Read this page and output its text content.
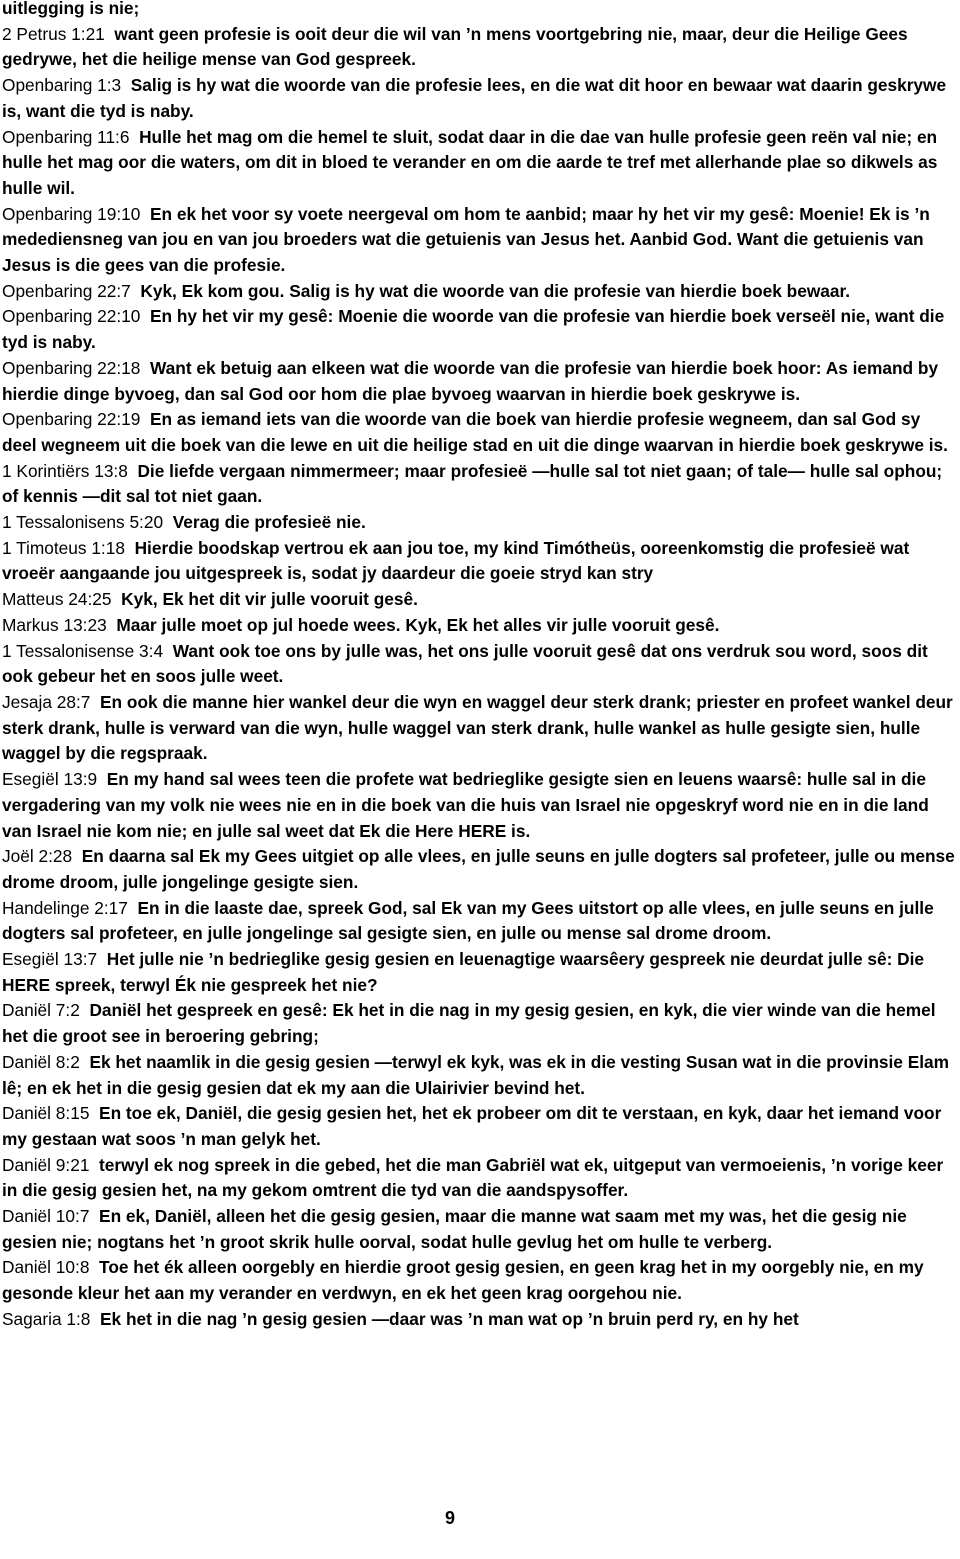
uitlegging is nie;

2 Petrus 1:21 want geen profesie is ooit deur die wil van ’n mens voortgebring nie, maar, deur die Heilige Gees gedrywe, het die heilige mense van God gespreek.

Openbaring 1:3 Salig is hy wat die woorde van die profesie lees, en die wat dit hoor en bewaar wat daarin geskrywe is, want die tyd is naby.

Openbaring 11:6 Hulle het mag om die hemel te sluit, sodat daar in die dae van hulle profesie geen reën val nie; en hulle het mag oor die waters, om dit in bloed te verander en om die aarde te tref met allerhande plae so dikwels as hulle wil.

Openbaring 19:10 En ek het voor sy voete neergeval om hom te aanbid; maar hy het vir my gesê: Moenie! Ek is ’n medediensneg van jou en van jou broeders wat die getuienis van Jesus het. Aanbid God. Want die getuienis van Jesus is die gees van die profesie.

Openbaring 22:7 Kyk, Ek kom gou. Salig is hy wat die woorde van die profesie van hierdie boek bewaar.

Openbaring 22:10 En hy het vir my gesê: Moenie die woorde van die profesie van hierdie boek verseël nie, want die tyd is naby.

Openbaring 22:18 Want ek betuig aan elkeen wat die woorde van die profesie van hierdie boek hoor: As iemand by hierdie dinge byvoeg, dan sal God oor hom die plae byvoeg waarvan in hierdie boek geskrywe is.

Openbaring 22:19 En as iemand iets van die woorde van die boek van hierdie profesie wegneem, dan sal God sy deel wegneem uit die boek van die lewe en uit die heilige stad en uit die dinge waarvan in hierdie boek geskrywe is.

1 Korintiërs 13:8 Die liefde vergaan nimmermeer; maar profesieë —hulle sal tot niet gaan; of tale— hulle sal ophou; of kennis —dit sal tot niet gaan.

1 Tessalonisens 5:20 Verag die profesieë nie.

1 Timoteus 1:18 Hierdie boodskap vertrou ek aan jou toe, my kind Timótheüs, ooreenkomstig die profesieë wat vroeër aangaande jou uitgespreek is, sodat jy daardeur die goeie stryd kan stry

Matteus 24:25 Kyk, Ek het dit vir julle vooruit gesê.

Markus 13:23 Maar julle moet op jul hoede wees. Kyk, Ek het alles vir julle vooruit gesê.

1 Tessalonisense 3:4 Want ook toe ons by julle was, het ons julle vooruit gesê dat ons verdruk sou word, soos dit ook gebeur het en soos julle weet.

Jesaja 28:7 En ook die manne hier wankel deur die wyn en waggel deur sterk drank; priester en profeet wankel deur sterk drank, hulle is verward van die wyn, hulle waggel van sterk drank, hulle wankel as hulle gesigte sien, hulle waggel by die regspraak.

Esegiël 13:9 En my hand sal wees teen die profete wat bedrieglike gesigte sien en leuens waarsê: hulle sal in die vergadering van my volk nie wees nie en in die boek van die huis van Israel nie opgeskryf word nie en in die land van Israel nie kom nie; en julle sal weet dat Ek die Here HERE is.

Joël 2:28 En daarna sal Ek my Gees uitgiet op alle vlees, en julle seuns en julle dogters sal profeteer, julle ou mense drome droom, julle jongelinge gesigte sien.

Handelinge 2:17 En in die laaste dae, spreek God, sal Ek van my Gees uitstort op alle vlees, en julle seuns en julle dogters sal profeteer, en julle jongelinge sal gesigte sien, en julle ou mense sal drome droom.

Esegiël 13:7 Het julle nie ’n bedrieglike gesig gesien en leuenagtige waarsêery gespreek nie deurdat julle sê: Die HERE spreek, terwyl Ék nie gespreek het nie?

Daniël 7:2 Daniël het gespreek en gesê: Ek het in die nag in my gesig gesien, en kyk, die vier winde van die hemel het die groot see in beroering gebring;

Daniël 8:2 Ek het naamlik in die gesig gesien —terwyl ek kyk, was ek in die vesting Susan wat in die provinsie Elam lê; en ek het in die gesig gesien dat ek my aan die Ulairivier bevind het.

Daniël 8:15 En toe ek, Daniël, die gesig gesien het, het ek probeer om dit te verstaan, en kyk, daar het iemand voor my gestaan wat soos ’n man gelyk het.

Daniël 9:21 terwyl ek nog spreek in die gebed, het die man Gabriël wat ek, uitgeput van vermoeienis, ’n vorige keer in die gesig gesien het, na my gekom omtrent die tyd van die aandspysoffer.

Daniël 10:7 En ek, Daniël, alleen het die gesig gesien, maar die manne wat saam met my was, het die gesig nie gesien nie; nogtans het ’n groot skrik hulle oorval, sodat hulle gevlug het om hulle te verberg.

Daniël 10:8 Toe het ék alleen oorgebly en hierdie groot gesig gesien, en geen krag het in my oorgebly nie, en my gesonde kleur het aan my verander en verdwyn, en ek het geen krag oorgehou nie.

Sagaria 1:8 Ek het in die nag ’n gesig gesien —daar was ’n man wat op ’n bruin perd ry, en hy het

9
